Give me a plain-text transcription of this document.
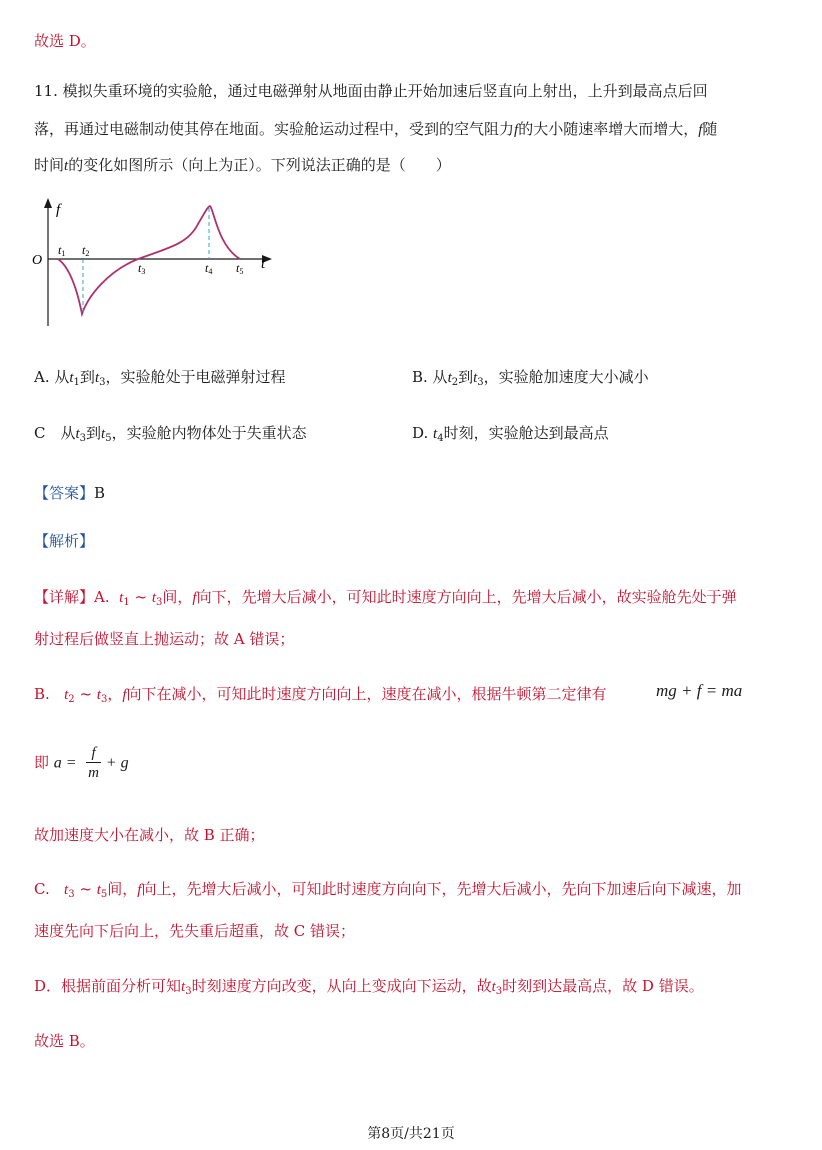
故选 D。
11. 模拟失重环境的实验舱，通过电磁弹射从地面由静止开始加速后竖直向上射出，上升到最高点后回
落，再通过电磁制动使其停在地面。实验舱运动过程中，受到的空气阻力f的大小随速率增大而增大，f随
时间t的变化如图所示（向上为正）。下列说法正确的是（　　）
f
t
O
t1 t2
t3	t4 t5
A. 从$t_1$到$t_3$，实验舱处于电磁弹射过程	B. 从$t_2$到$t_3$，实验舱加速度大小减小
C　从$t_3$到$t_5$，实验舱内物体处于失重状态	D. $t_4$时刻，实验舱达到最高点
【答案】B
【解析】
【详解】A. $t_1$ ~ $t_3$间，f向下，先增大后减小，可知此时速度方向向上，先增大后减小，故实验舱先处于弹
射过程后做竖直上抛运动；故 A 错误；
B. $t_2$ ~ $t_3$，f向下在减小，可知此时速度方向向上，速度在减小，根据牛顿第二定律有	mg + f = ma
即 $a = \frac{f}{m} + g$
故加速度大小在减小，故 B 正确；
C. $t_3$ ~ $t_5$间，f向上，先增大后减小，可知此时速度方向向下，先增大后减小，先向下加速后向下减速，加
速度先向下后向上，先失重后超重，故 C 错误；
D．根据前面分析可知$t_3$时刻速度方向改变，从向上变成向下运动，故$t_3$时刻到达最高点，故 D 错误。
故选 B。
第8页/共21页
